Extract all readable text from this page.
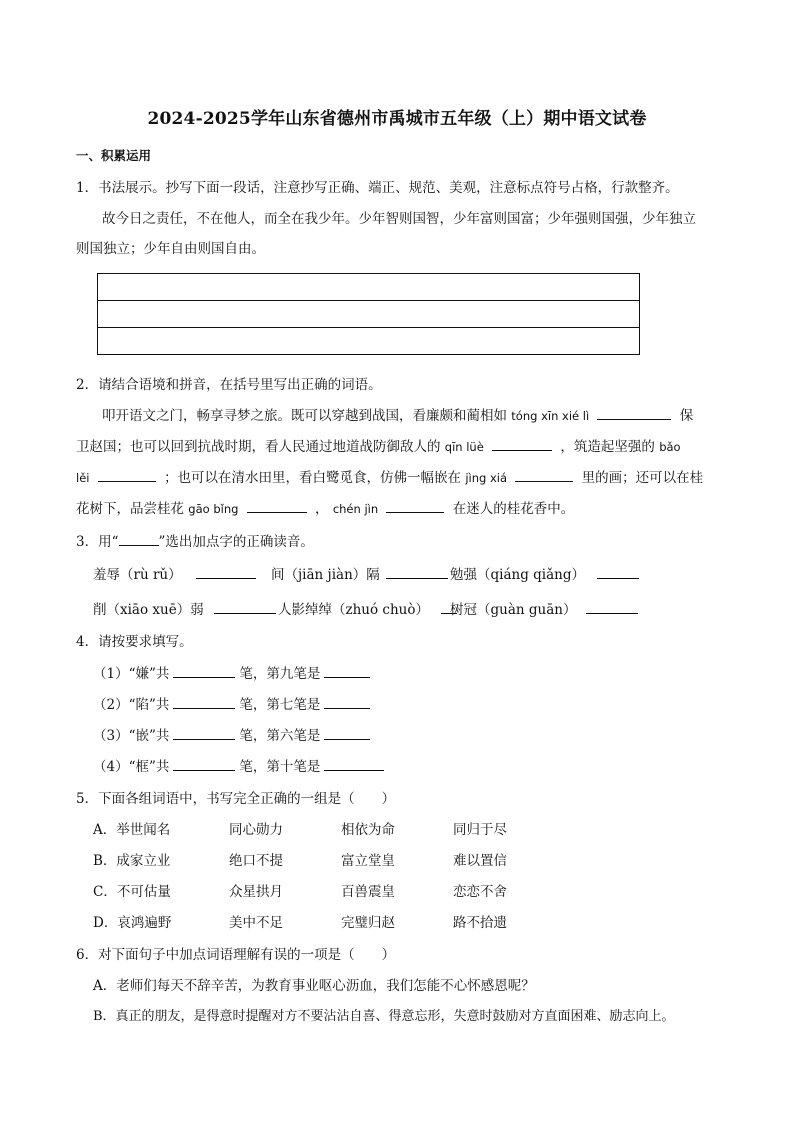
2024-2025学年山东省德州市禹城市五年级（上）期中语文试卷
一、积累运用
1．书法展示。抄写下面一段话，注意抄写正确、端正、规范、美观，注意标点符号占格，行款整齐。
故今日之责任，不在他人，而全在我少年。少年智则国智，少年富则国富；少年强则国强，少年独立
则国独立；少年自由则国自由。
2．请结合语境和拼音，在括号里写出正确的词语。
叩开语文之门，畅享寻梦之旅。既可以穿越到战国，看廉颇和蔺相如 tóng xīn xié lì	保
卫赵国；也可以回到抗战时期，看人民通过地道战防御敌人的 qīn lüè	，筑造起坚强的 bǎo
lěi	；也可以在清水田里，看白鹭觅食，仿佛一幅嵌在 jìng xiá	里的画；还可以在桂
花树下，品尝桂花 gāo bǐng	， chén jìn	在迷人的桂花香中。
3．用“	”选出加点字的正确读音。
羞辱（rù rǔ）	间（jiān jiàn）隔	勉强（qiáng qiǎng）
削（xiāo xuē）弱	人影绰绰（zhuó chuò）	树冠（guàn guān）
4．请按要求填写。
（1）“嫌”共	笔，第九笔是
（2）“陷”共	笔，第七笔是
（3）“嵌”共	笔，第六笔是
（4）“框”共	笔，第十笔是
5．下面各组词语中，书写完全正确的一组是（　　）
A．举世闻名	同心勋力	相依为命	同归于尽
B．成家立业	绝口不提	富立堂皇	难以置信
C．不可估量	众星拱月	百兽震皇	恋恋不舍
D．哀鸿遍野	美中不足	完璧归赵	路不拾遗
6．对下面句子中加点词语理解有误的一项是（　　）
A．老师们每天不辞辛苦，为教育事业呕心沥血，我们怎能不心怀感恩呢？
B．真正的朋友，是得意时提醒对方不要沾沾自喜、得意忘形，失意时鼓励对方直面困难、励志向上。
